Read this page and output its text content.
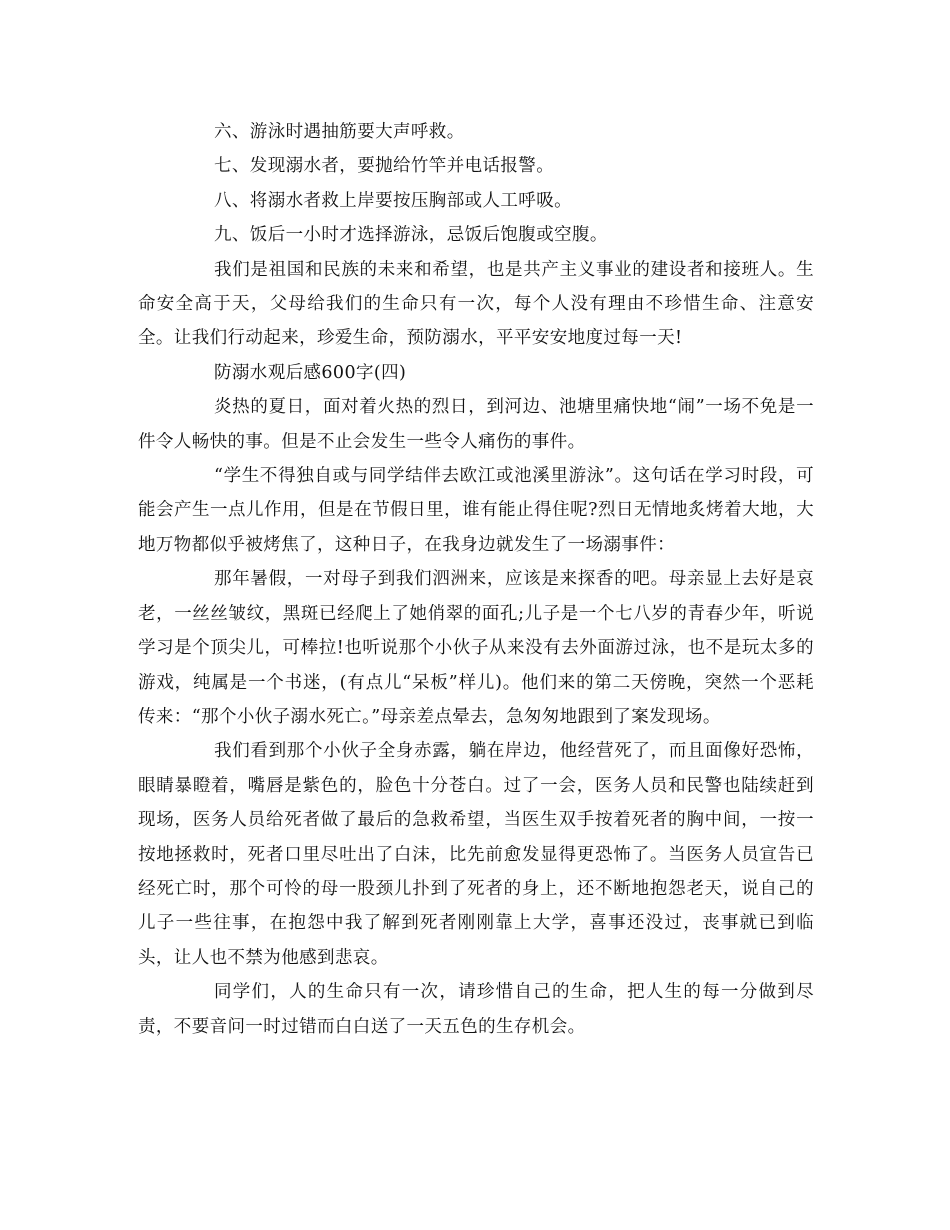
六、游泳时遇抽筋要大声呼救。

七、发现溺水者，要抛给竹竿并电话报警。

八、将溺水者救上岸要按压胸部或人工呼吸。

九、饭后一小时才选择游泳，忌饭后饱腹或空腹。

我们是祖国和民族的未来和希望，也是共产主义事业的建设者和接班人。生命安全高于天，父母给我们的生命只有一次，每个人没有理由不珍惜生命、注意安全。让我们行动起来，珍爱生命，预防溺水，平平安安地度过每一天!

防溺水观后感600字(四)

炎热的夏日，面对着火热的烈日，到河边、池塘里痛快地“闹”一场不免是一件令人畅快的事。但是不止会发生一些令人痛伤的事件。

“学生不得独自或与同学结伴去欧江或池溪里游泳”。这句话在学习时段，可能会产生一点儿作用，但是在节假日里，谁有能止得住呢?烈日无情地炙烤着大地，大地万物都似乎被烤焦了，这种日子，在我身边就发生了一场溺事件：

那年暑假，一对母子到我们泗洲来，应该是来探香的吧。母亲显上去好是哀老，一丝丝皱纹，黑斑已经爬上了她俏翠的面孔;儿子是一个七八岁的青春少年，听说学习是个顶尖儿，可棒拉!也听说那个小伙子从来没有去外面游过泳，也不是玩太多的游戏，纯属是一个书迷，(有点儿“呆板”样儿)。他们来的第二天傍晚，突然一个恶耗传来：“那个小伙子溺水死亡。”母亲差点晕去，急匆匆地跟到了案发现场。

我们看到那个小伙子全身赤露，躺在岸边，他经营死了，而且面像好恐怖，眼睛暴瞪着，嘴唇是紫色的，脸色十分苍白。过了一会，医务人员和民警也陆续赶到现场，医务人员给死者做了最后的急救希望，当医生双手按着死者的胸中间，一按一按地拯救时，死者口里尽吐出了白沫，比先前愈发显得更恐怖了。当医务人员宣告已经死亡时，那个可怜的母一股颈儿扑到了死者的身上，还不断地抱怨老天，说自己的儿子一些往事，在抱怨中我了解到死者刚刚靠上大学，喜事还没过，丧事就已到临头，让人也不禁为他感到悲哀。

同学们，人的生命只有一次，请珍惜自己的生命，把人生的每一分做到尽责，不要音问一时过错而白白送了一天五色的生存机会。
